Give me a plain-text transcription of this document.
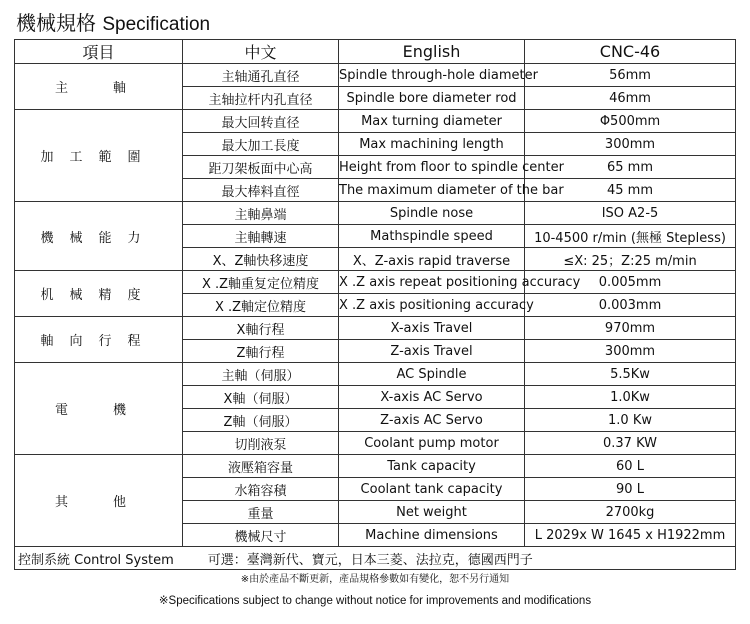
機械規格 Specification
項目	中文	English	CNC-46
主　軸	主轴通孔直径	Spindle through-hole diameter	56mm
	主轴拉杆内孔直径	Spindle bore diameter rod	46mm
加工範圍	最大回转直径	Max turning diameter	Φ500mm
	最大加工長度	Max machining length	300mm
	距刀架板面中心高	Height from floor to spindle center	65 mm
	最大棒料直徑	The maximum diameter of the bar	45 mm
機械能力	主軸鼻端	Spindle nose	ISO A2-5
	主軸轉速	Mathspindle speed	10-4500 r/min (無極 Stepless)
	X、Z軸快移速度	X、Z-axis rapid traverse	≤X: 25；Z:25 m/min
机械精度	X .Z軸重复定位精度	X .Z axis repeat positioning accuracy	0.005mm
	X .Z軸定位精度	X .Z axis positioning accuracy	0.003mm
軸向行程	X軸行程	X-axis Travel	970mm
	Z軸行程	Z-axis Travel	300mm
電　機	主軸（伺服）	AC Spindle	5.5Kw
	X軸（伺服）	X-axis AC Servo	1.0Kw
	Z軸（伺服）	Z-axis AC Servo	1.0 Kw
	切削液泵	Coolant pump motor	0.37 KW
其　他	液壓箱容量	Tank capacity	60 L
	水箱容積	Coolant tank capacity	90 L
	重量	Net weight	2700kg
	機械尺寸	Machine dimensions	L 2029x W 1645 x H1922mm
控制系統 Control System 可選：臺灣新代、寶元，日本三菱、法拉克，德國西門子			
※由於產品不斷更新，產品規格參數如有變化，恕不另行通知
※Specifications subject to change without notice for improvements and modifications
